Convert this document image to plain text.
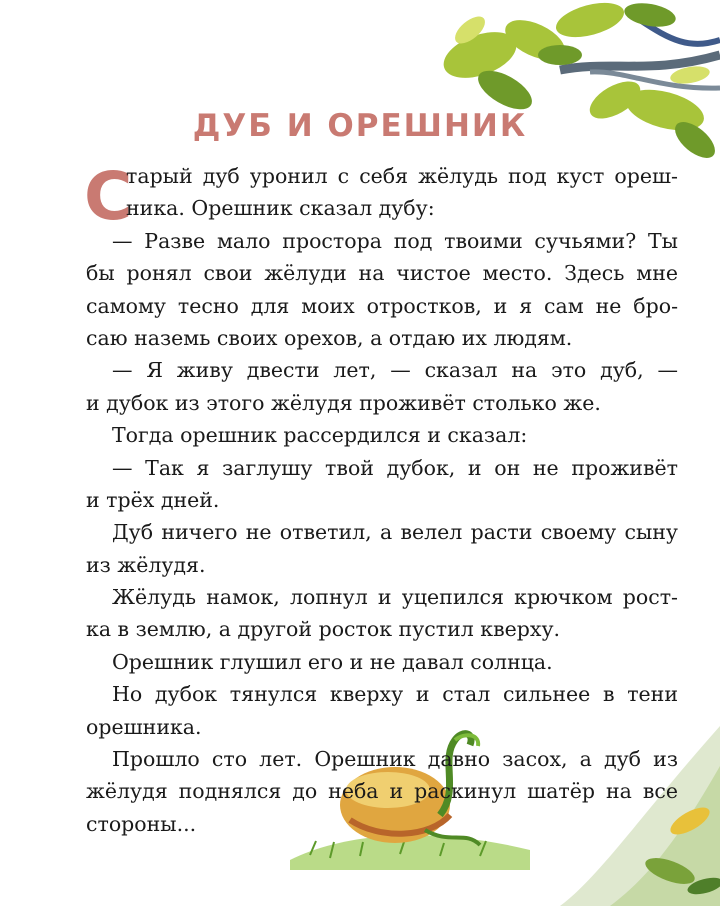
ДУБ И ОРЕШНИК
С
тарый дуб уронил с себя жёлудь под куст ореш-
ника. Орешник сказал дубу:
— Разве мало простора под твоими сучьями? Ты
бы ронял свои жёлуди на чистое место. Здесь мне
самому тесно для моих отростков, и я сам не бро-
саю наземь своих орехов, а отдаю их людям.
— Я живу двести лет, — сказал на это дуб, —
и дубок из этого жёлудя проживёт столько же.
Тогда орешник рассердился и сказал:
— Так я заглушу твой дубок, и он не проживёт
и трёх дней.
Дуб ничего не ответил, а велел расти своему сыну
из жёлудя.
Жёлудь намок, лопнул и уцепился крючком рост-
ка в землю, а другой росток пустил кверху.
Орешник глушил его и не давал солнца.
Но дубок тянулся кверху и стал сильнее в тени
орешника.
Прошло сто лет. Орешник давно засох, а дуб из
жёлудя поднялся до неба и раскинул шатёр на все
стороны...
